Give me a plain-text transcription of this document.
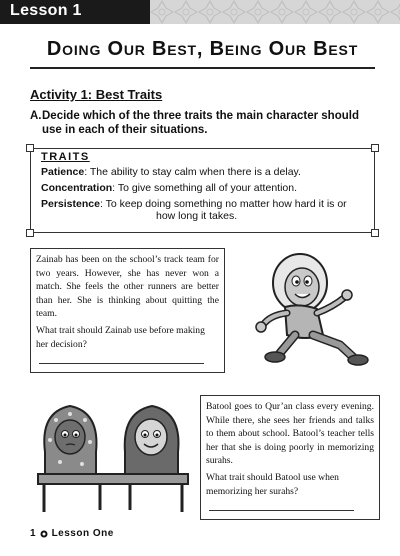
Lesson 1
Doing Our Best, Being Our Best
Activity 1: Best Traits
A. Decide which of the three traits the main character should use in each of their situations.
TRAITS
Patience: The ability to stay calm when there is a delay.
Concentration: To give something all of your attention.
Persistence: To keep doing something no matter how hard it is or
how long it takes.

Zainab has been on the school’s track team for two years. However, she has never won a match. She feels the other runners are better than her. She is thinking about quitting the team.

What trait should Zainab use before making her decision?

Batool goes to Qur’an class every evening. While there, she sees her friends and talks to them about school. Batool’s teacher tells her that she is doing poorly in memorizing surahs.

What trait should Batool use when memorizing her surahs?

1 Lesson One
